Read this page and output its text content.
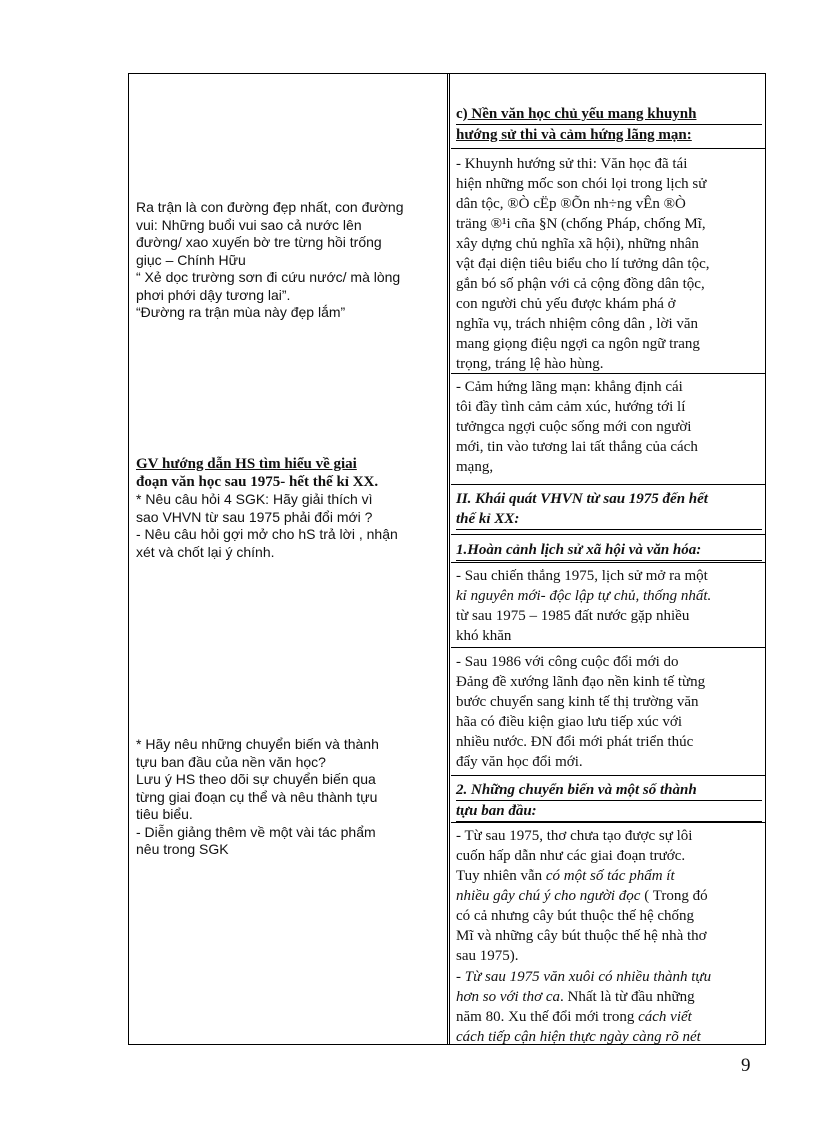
Ra trận là con đường đẹp nhất, con đường
vui: Những buổi vui sao cả nước lên
đường/ xao xuyến bờ tre từng hồi trống
giục – Chính Hữu
“ Xẻ dọc trường sơn đi cứu nước/ mà lòng
phơi phới dậy tương lai”.
“Đường ra trận mùa này đẹp lắm”
GV hướng dẫn HS tìm hiểu về giai
đoạn văn học sau 1975- hết thế kỉ XX.
* Nêu câu hỏi 4 SGK: Hãy giải thích vì
sao VHVN từ sau 1975 phải đổi mới ?
- Nêu câu hỏi gợi mở cho hS trả lời , nhận
xét và chốt lại ý chính.
* Hãy nêu những chuyển biến và thành
tựu ban đầu của nền văn học?
Lưu ý HS theo dõi sự chuyển biến qua
từng giai đoạn cụ thể và nêu thành tựu
tiêu biểu.
- Diễn giảng thêm về một vài tác phẩm
nêu trong SGK
c) Nền văn học chủ yếu mang khuynh
hướng sử thi và cảm hứng lãng mạn:
- Khuynh hướng sử thi: Văn học đã tái
hiện những mốc son chói lọi trong lịch sử
dân tộc, ®Ò cËp ®Õn nh÷ng vÊn ®Ò
träng ®¹i cña §N (chống Pháp, chống Mĩ,
xây dựng chủ nghĩa xã hội), những nhân
vật đại diện tiêu biểu cho lí tưởng dân tộc,
gắn bó số phận với cả cộng đồng dân tộc,
con người chủ yếu được khám phá ở
nghĩa vụ, trách nhiệm công dân , lời văn
mang giọng điệu ngợi ca ngôn ngữ trang
trọng, tráng lệ hào hùng.
- Cảm hứng lãng mạn: khẳng định cái
tôi đầy tình cảm cảm xúc, hướng tới lí
tưởngca ngợi cuộc sống mới con người
mới, tin vào tương lai tất thắng của cách
mạng,
II. Khái quát VHVN từ sau 1975 đến hết
thế kỉ XX:
1.Hoàn cảnh lịch sử xã hội và văn hóa:
- Sau chiến thắng 1975, lịch sử mở ra một
kỉ nguyên mới- độc lập tự chủ, thống nhất.
từ sau 1975 – 1985 đất nước gặp nhiều
khó khăn
- Sau 1986 với công cuộc đổi mới do
Đảng đề xướng lãnh đạo nền kinh tế từng
bước chuyển sang kinh tế thị trường văn
hãa có điều kiện giao lưu tiếp xúc với
nhiều nước. ĐN đổi mới phát triển thúc
đẩy văn học đổi mới.
2. Những chuyển biến và một số thành
tựu ban đầu:
- Từ sau 1975, thơ chưa tạo được sự lôi
cuốn hấp dẫn như các giai đoạn trước.
Tuy nhiên vẫn có một số tác phẩm ít
nhiều gây chú ý cho người đọc ( Trong đó
có cả nhưng cây bút thuộc thế hệ chống
Mĩ và những cây bút thuộc thế hệ nhà thơ
sau 1975).
- Từ sau 1975 văn xuôi có nhiều thành tựu
hơn so với thơ ca. Nhất là từ đầu những
năm 80. Xu thế đổi mới trong cách viết
cách tiếp cận hiện thực ngày càng rõ nét
9
